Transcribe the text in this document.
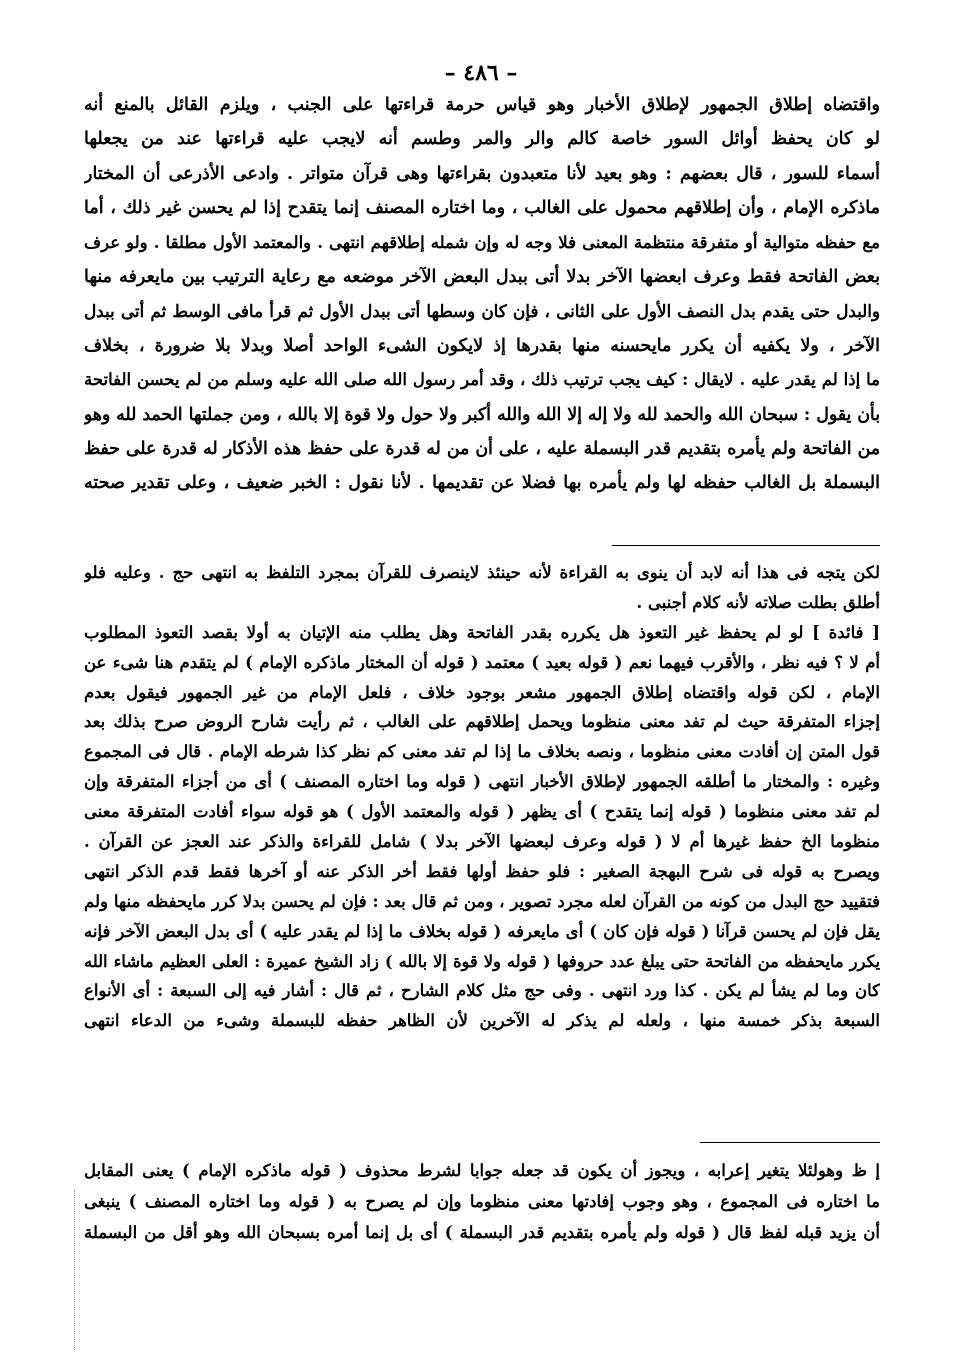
– ٤٨٦ –
واقتضاه إطلاق الجمهور لإطلاق الأخبار وهو قياس حرمة قراءتها على الجنب ، ويلزم القائل بالمنع أنه
لو كان يحفظ أوائل السور خاصة كالم والر والمر وطسم أنه لايجب عليه قراءتها عند من يجعلها
أسماء للسور ، قال بعضهم : وهو بعيد لأنا متعبدون بقراءتها وهى قرآن متواتر . وادعى الأذرعى أن المختار
ماذكره الإمام ، وأن إطلاقهم محمول على الغالب ، وما اختاره المصنف إنما يتقدح إذا لم يحسن غير ذلك ، أما
مع حفظه متوالية أو متفرقة منتظمة المعنى فلا وجه له وإن شمله إطلاقهم انتهى . والمعتمد الأول مطلقا . ولو عرف
بعض الفاتحة فقط وعرف ابعضها الآخر بدلا أتى ببدل البعض الآخر موضعه مع رعاية الترتيب بين مايعرفه منها
والبدل حتى يقدم بدل النصف الأول على الثانى ، فإن كان وسطها أتى ببدل الأول ثم قرأ مافى الوسط ثم أتى ببدل
الآخر ، ولا يكفيه أن يكرر مايحسنه منها بقدرها إذ لايكون الشىء الواحد أصلا وبدلا بلا ضرورة ، بخلاف
ما إذا لم يقدر عليه . لايقال : كيف يجب ترتيب ذلك ، وقد أمر رسول الله صلى الله عليه وسلم من لم يحسن الفاتحة
بأن يقول : سبحان الله والحمد لله ولا إله إلا الله والله أكبر ولا حول ولا قوة إلا بالله ، ومن جملتها الحمد لله وهو
من الفاتحة ولم يأمره بتقديم قدر البسملة عليه ، على أن من له قدرة على حفظ هذه الأذكار له قدرة على حفظ
البسملة بل الغالب حفظه لها ولم يأمره بها فضلا عن تقديمها . لأنا نقول : الخبر ضعيف ، وعلى تقدير صحته
لكن يتجه فى هذا أنه لابد أن ينوى به القراءة لأنه حينئذ لاينصرف للقرآن بمجرد التلفظ به انتهى حج . وعليه فلو
أطلق بطلت صلاته لأنه كلام أجنبى .
[ فائدة ] لو لم يحفظ غير التعوذ هل يكرره بقدر الفاتحة وهل يطلب منه الإتيان به أولا بقصد التعوذ المطلوب
أم لا ؟ فيه نظر ، والأقرب فيهما نعم ( قوله بعيد ) معتمد ( قوله أن المختار ماذكره الإمام ) لم يتقدم هنا شىء عن
الإمام ، لكن قوله واقتضاه إطلاق الجمهور مشعر بوجود خلاف ، فلعل الإمام من غير الجمهور فيقول بعدم
إجزاء المتفرقة حيث لم تفد معنى منظوما ويحمل إطلاقهم على الغالب ، ثم رأيت شارح الروض صرح بذلك بعد
قول المتن إن أفادت معنى منظوما ، ونصه بخلاف ما إذا لم تفد معنى كم نظر كذا شرطه الإمام . قال فى المجموع
وغيره : والمختار ما أطلقه الجمهور لإطلاق الأخبار انتهى ( قوله وما اختاره المصنف ) أى من أجزاء المتفرقة وإن
لم تفد معنى منظوما ( قوله إنما يتقدح ) أى يظهر ( قوله والمعتمد الأول ) هو قوله سواء أفادت المتفرقة معنى
منظوما الخ حفظ غيرها أم لا ( قوله وعرف لبعضها الآخر بدلا ) شامل للقراءة والذكر عند العجز عن القرآن .
ويصرح به قوله فى شرح البهجة الصغير : فلو حفظ أولها فقط أخر الذكر عنه أو آخرها فقط قدم الذكر انتهى
فتقييد حج البدل من كونه من القرآن لعله مجرد تصوير ، ومن ثم قال بعد : فإن لم يحسن بدلا كرر مايحفظه منها ولم
يقل فإن لم يحسن قرآنا ( قوله فإن كان ) أى مايعرفه ( قوله بخلاف ما إذا لم يقدر عليه ) أى بدل البعض الآخر فإنه
يكرر مايحفظه من الفاتحة حتى يبلغ عدد حروفها ( قوله ولا قوة إلا بالله ) زاد الشيخ عميرة : العلى العظيم ماشاء الله
كان وما لم يشأ لم يكن . كذا ورد انتهى . وفى حج مثل كلام الشارح ، ثم قال : أشار فيه إلى السبعة : أى الأنواع
السبعة بذكر خمسة منها ، ولعله لم يذكر له الآخرين لأن الظاهر حفظه للبسملة وشىء من الدعاء انتهى
إ ظ وهولئلا يتغير إعرابه ، ويجوز أن يكون قد جعله جوابا لشرط محذوف ( قوله ماذكره الإمام ) يعنى المقابل
ما اختاره فى المجموع ، وهو وجوب إفادتها معنى منظوما وإن لم يصرح به ( قوله وما اختاره المصنف ) ينبغى
أن يزيد قبله لفظ قال ( قوله ولم يأمره بتقديم قدر البسملة ) أى بل إنما أمره بسبحان الله وهو أقل من البسملة
